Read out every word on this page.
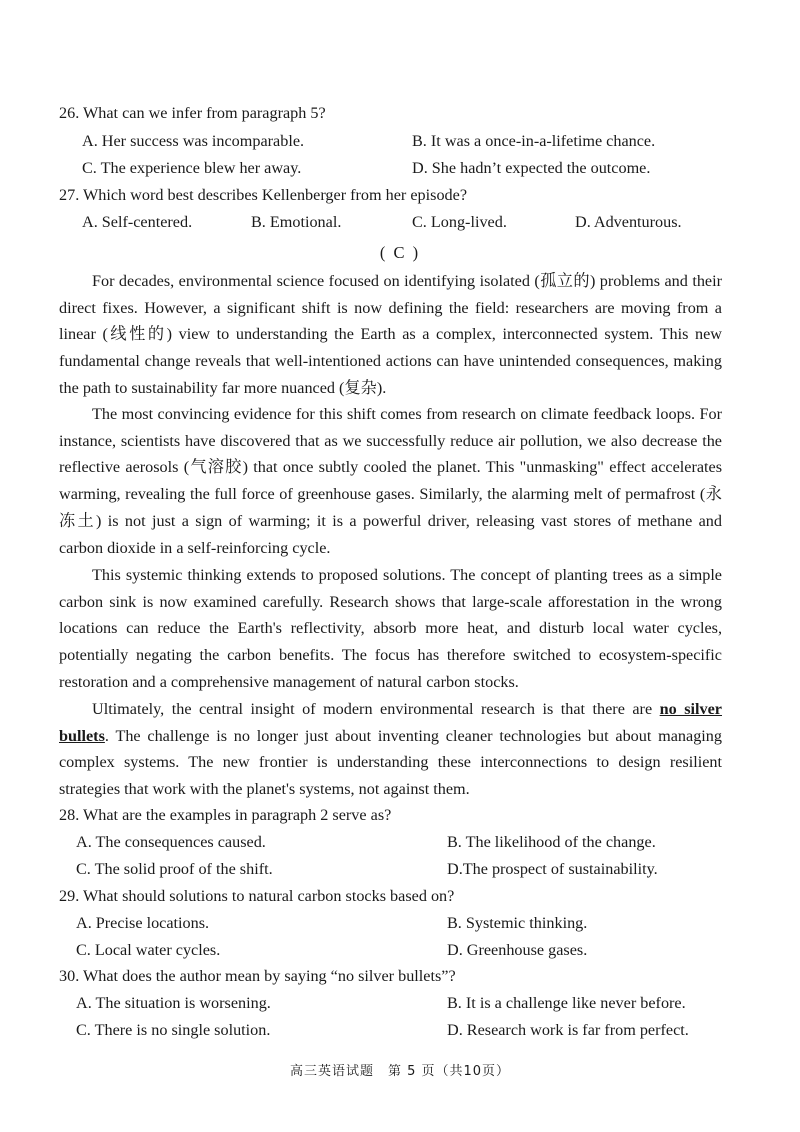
26. What can we infer from paragraph 5?
A. Her success was incomparable.	B. It was a once-in-a-lifetime chance.
C. The experience blew her away.	D. She hadn’t expected the outcome.
27. Which word best describes Kellenberger from her episode?
A. Self-centered.	B. Emotional.	C. Long-lived.	D. Adventurous.
( C )
For decades, environmental science focused on identifying isolated (孤立的) problems and their direct fixes. However, a significant shift is now defining the field: researchers are moving from a linear (线性的) view to understanding the Earth as a complex, interconnected system. This new fundamental change reveals that well-intentioned actions can have unintended consequences, making the path to sustainability far more nuanced (复杂).
The most convincing evidence for this shift comes from research on climate feedback loops. For instance, scientists have discovered that as we successfully reduce air pollution, we also decrease the reflective aerosols (气溶胶) that once subtly cooled the planet. This "unmasking" effect accelerates warming, revealing the full force of greenhouse gases. Similarly, the alarming melt of permafrost (永冻土) is not just a sign of warming; it is a powerful driver, releasing vast stores of methane and carbon dioxide in a self-reinforcing cycle.
This systemic thinking extends to proposed solutions. The concept of planting trees as a simple carbon sink is now examined carefully. Research shows that large-scale afforestation in the wrong locations can reduce the Earth's reflectivity, absorb more heat, and disturb local water cycles, potentially negating the carbon benefits. The focus has therefore switched to ecosystem-specific restoration and a comprehensive management of natural carbon stocks.
Ultimately, the central insight of modern environmental research is that there are no silver bullets. The challenge is no longer just about inventing cleaner technologies but about managing complex systems. The new frontier is understanding these interconnections to design resilient strategies that work with the planet's systems, not against them.
28. What are the examples in paragraph 2 serve as?
A. The consequences caused.	B. The likelihood of the change.
C. The solid proof of the shift.	D.The prospect of sustainability.
29. What should solutions to natural carbon stocks based on?
A. Precise locations.	B. Systemic thinking.
C. Local water cycles.	D. Greenhouse gases.
30. What does the author mean by saying “no silver bullets”?
A. The situation is worsening.	B. It is a challenge like never before.
C. There is no single solution.	D. Research work is far from perfect.
高三英语试题　第 5 页（共10页）
